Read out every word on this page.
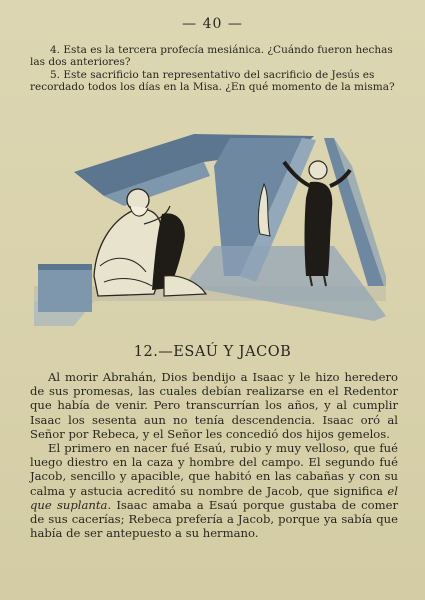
— 40 —

4. Esta es la tercera profecía mesiánica. ¿Cuándo fueron hechas las dos anteriores?

5. Este sacrificio tan representativo del sacrificio de Jesús es recordado todos los días en la Misa. ¿En qué momento de la misma?

12.—ESAÚ Y JACOB

Al morir Abrahán, Dios bendijo a Isaac y le hizo heredero de sus promesas, las cuales debían realizarse en el Redentor que había de venir. Pero transcurrían los años, y al cumplir Isaac los sesenta aun no tenía descendencia. Isaac oró al Señor por Rebeca, y el Señor les concedió dos hijos gemelos.

El primero en nacer fué Esaú, rubio y muy velloso, que fué luego diestro en la caza y hombre del campo. El segundo fué Jacob, sencillo y apacible, que habitó en las cabañas y con su calma y astucia acreditó su nombre de Jacob, que significa el que suplanta. Isaac amaba a Esaú porque gustaba de comer de sus cacerías; Rebeca prefería a Jacob, porque ya sabía que había de ser antepuesto a su hermano.
